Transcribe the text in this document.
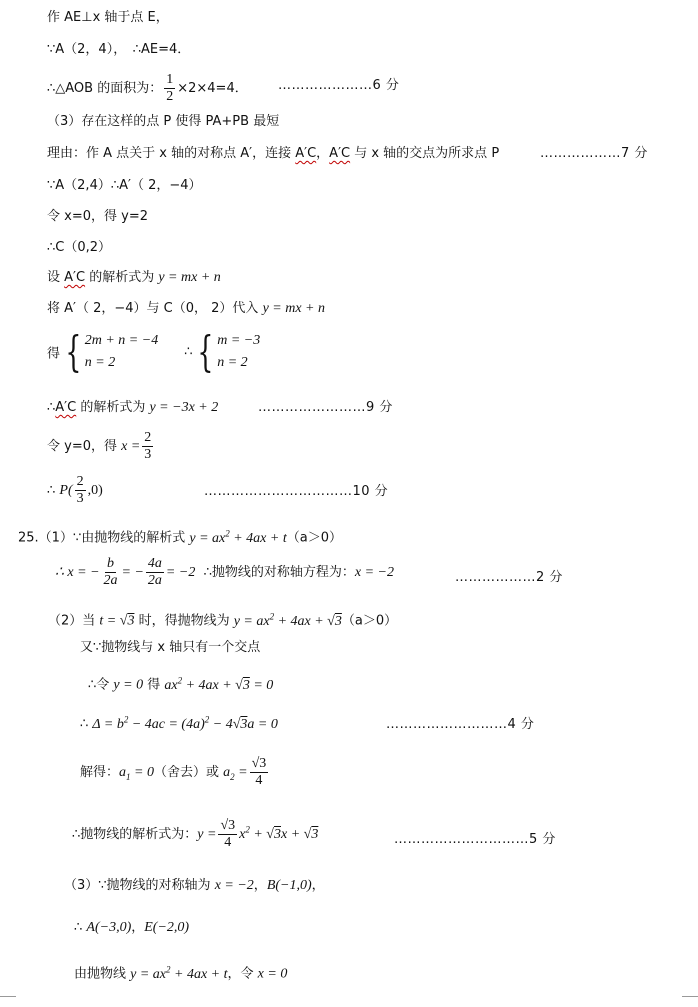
作 AE⊥x 轴于点 E，
∵A（2，4），　∴AE=4．
∴△AOB 的面积为： $\frac{1}{2} \times 2\times 4=4$． …………………6 分
（3）存在这样的点 P 使得 PA+PB 最短
理由：作 A 点关于 x 轴的对称点 A′，连接 A′C，A′C 与 x 轴的交点为所求点 P	………………7 分
∵A（2,4）∴A′（ 2，−4）
令 x=0，得 y=2
∴C（0,2）
设 A′C 的解析式为 y = mx + n
将 A′（ 2，−4）与 C（0， 2）代入 y = mx + n
得 { 2m + n = −4
n = 2
∴ { m = −3
n = 2
∴A′C 的解析式为 y = −3x + 2	……………………9 分
令 y=0，得 $x = \frac{2}{3}$
∴ $P( \frac{2}{3} ,0)$	……………………………10 分
25.（1）∵由抛物线的解析式 $y = ax^2 + 4ax + t(a>0)$
∴ x = − $\frac{b}{2a}$ = − $\frac{4a}{2a} = -2$ ∴抛物线的对称轴方程为：x = −2	………………2 分
（2）当 t = √3 时，得抛物线为 $y = ax^2 + 4ax + √3(a>0)$
又∵抛物线与 x 轴只有一个交点
∴令 y = 0 得 $ax^2 + 4ax + √3 = 0$
∴ $\Delta = b^2 - 4ac = (4a)^2 - 4√3a = 0$	………………………4 分
解得：$a_1 = 0$（舍去）或 $a_2 = \frac{√3}{4}$
∴抛物线的解析式为：$y = \frac{√3}{4} x^2 + √3x + √3$	…………………………5 分
（3）∵抛物线的对称轴为 x = −2，B(−1,0)，
∴ A(−3,0)，E(−2,0)
由抛物线 $y = ax^2 + 4ax + t$，令 x = 0
